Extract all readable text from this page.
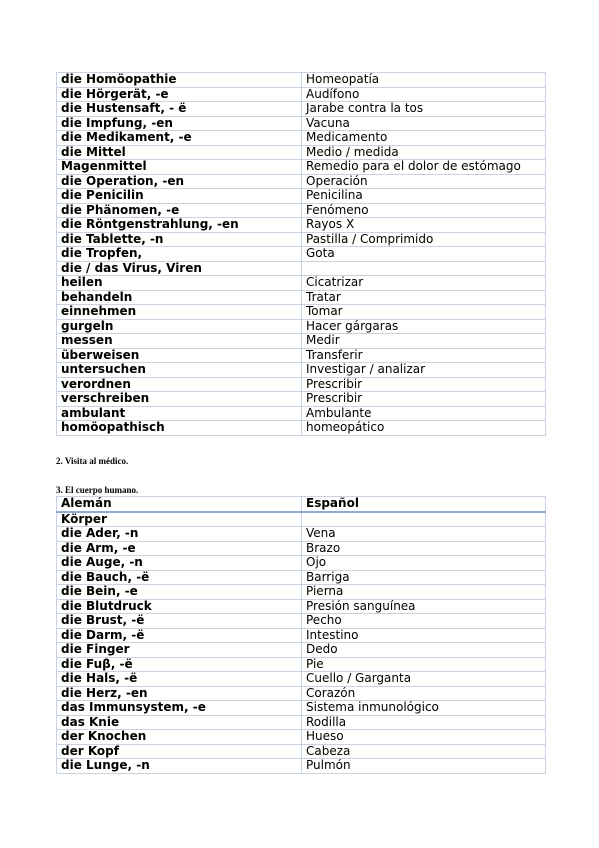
die Homöopathie	Homeopatía
die Hörgerät, -e	Audífono
die Hustensaft, - ë	Jarabe contra la tos
die Impfung, -en	Vacuna
die Medikament, -e	Medicamento
die Mittel	Medio / medida
Magenmittel	Remedio para el dolor de estómago
die Operation, -en	Operación
die Penicilin	Penicilina
die Phänomen, -e	Fenómeno
die Röntgenstrahlung, -en	Rayos X
die Tablette, -n	Pastilla / Comprimido
die Tropfen,	Gota
die / das Virus, Viren	
heilen	Cicatrizar
behandeln	Tratar
einnehmen	Tomar
gurgeln	Hacer gárgaras
messen	Medir
überweisen	Transferir
untersuchen	Investigar / analizar
verordnen	Prescribir
verschreiben	Prescribir
ambulant	Ambulante
homöopathisch	homeopático
2. Visita al médico.
3. El cuerpo humano.
Alemán	Español
Körper	
die Ader, -n	Vena
die Arm, -e	Brazo
die Auge, -n	Ojo
die Bauch, -ë	Barriga
die Bein, -e	Pierna
die Blutdruck	Presión sanguínea
die Brust, -ë	Pecho
die Darm, -ë	Intestino
die Finger	Dedo
die Fuβ, -ë	Pie
die Hals, -ë	Cuello / Garganta
die Herz, -en	Corazón
das Immunsystem, -e	Sistema inmunológico
das Knie	Rodilla
der Knochen	Hueso
der Kopf	Cabeza
die Lunge, -n	Pulmón
